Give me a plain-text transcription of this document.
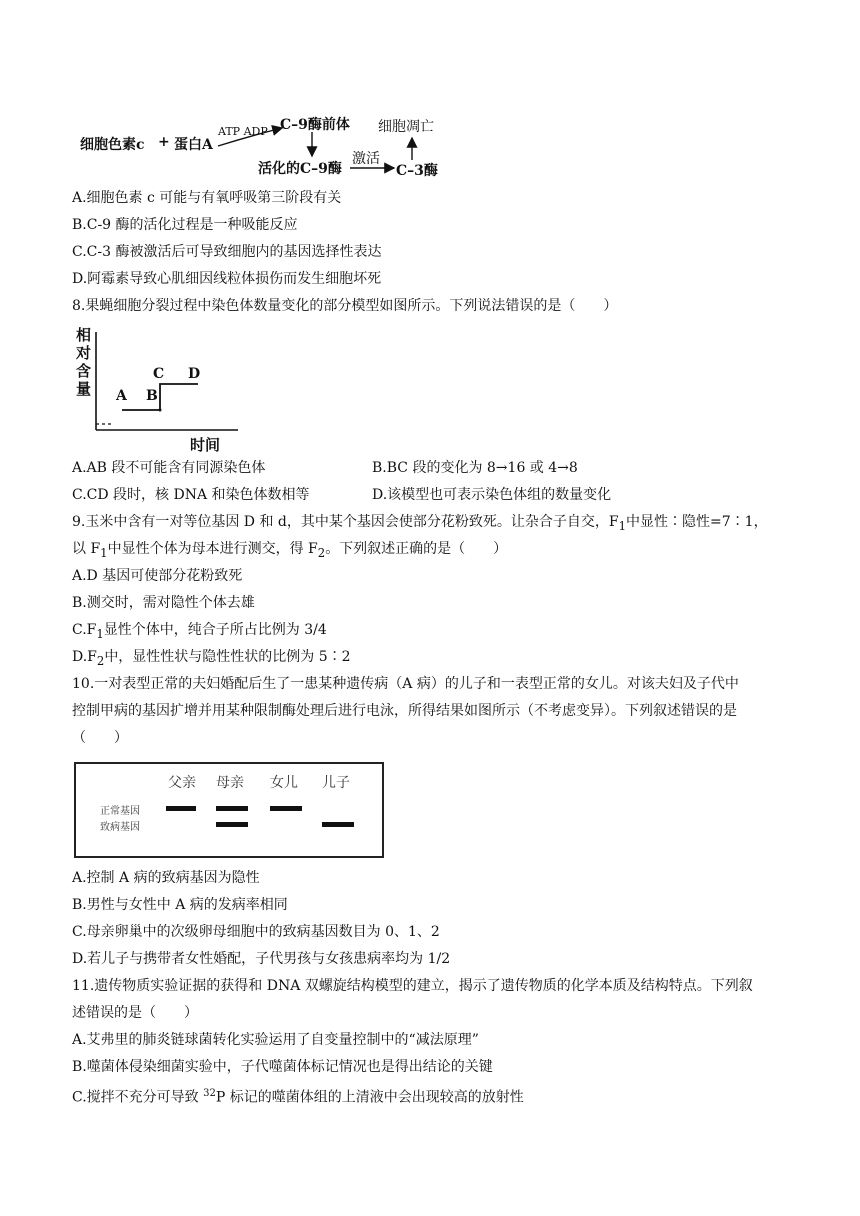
细胞色素c + 蛋白A
ATP ADP C–9酶前体
活化的C–9酶
激活
C–3酶
细胞凋亡
A.细胞色素 c 可能与有氧呼吸第三阶段有关
B.C-9 酶的活化过程是一种吸能反应
C.C-3 酶被激活后可导致细胞内的基因选择性表达
D.阿霉素导致心肌细因线粒体损伤而发生细胞坏死
8.果蝇细胞分裂过程中染色体数量变化的部分模型如图所示。下列说法错误的是（　　）
相
对
含
量	A B
C D
时间
A.AB 段不可能含有同源染色体	B.BC 段的变化为 8→16 或 4→8
C.CD 段时，核 DNA 和染色体数相等	D.该模型也可表示染色体组的数量变化
9.玉米中含有一对等位基因 D 和 d，其中某个基因会使部分花粉致死。让杂合子自交，$F_1$中显性∶隐性=7∶1，
以 $F_1$中显性个体为母本进行测交，得 $F_2$。下列叙述正确的是（　　）
A.D 基因可使部分花粉致死
B.测交时，需对隐性个体去雄
$C.F_1$显性个体中，纯合子所占比例为 3/4
$D.F_2$中，显性性状与隐性性状的比例为 5∶2
10.一对表型正常的夫妇婚配后生了一患某种遗传病（A 病）的儿子和一表型正常的女儿。对该夫妇及子代中
控制甲病的基因扩增并用某种限制酶处理后进行电泳，所得结果如图所示（不考虑变异）。下列叙述错误的是
（　　）
父亲 母亲 女儿 儿子
正常基因
致病基因
A.控制 A 病的致病基因为隐性
B.男性与女性中 A 病的发病率相同
C.母亲卵巢中的次级卵母细胞中的致病基因数目为 0、1、2
D.若儿子与携带者女性婚配，子代男孩与女孩患病率均为 1/2
11.遗传物质实验证据的获得和 DNA 双螺旋结构模型的建立，揭示了遗传物质的化学本质及结构特点。下列叙
述错误的是（　　）
A.艾弗里的肺炎链球菌转化实验运用了自变量控制中的“减法原理”
B.噬菌体侵染细菌实验中，子代噬菌体标记情况也是得出结论的关键
C.搅拌不充分可导致 $^{32}$P 标记的噬菌体组的上清液中会出现较高的放射性
